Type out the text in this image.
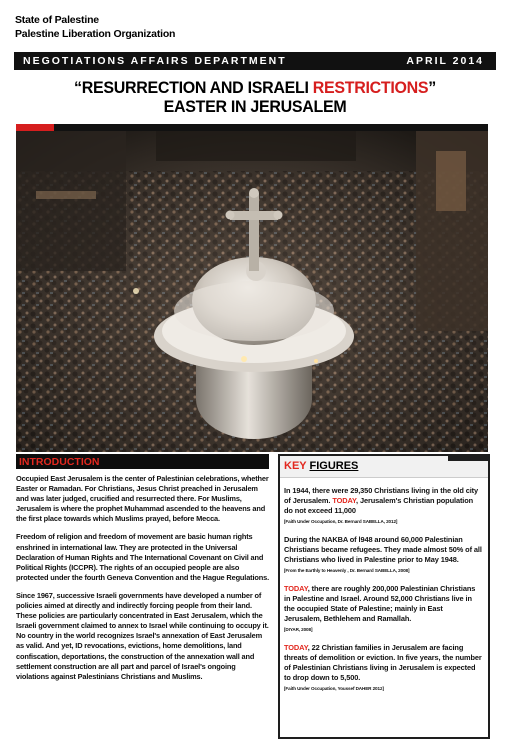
State of Palestine
Palestine Liberation Organization
NEGOTIATIONS AFFAIRS DEPARTMENT	APRIL 2014
“RESURRECTION AND ISRAELI RESTRICTIONS”
EASTER IN JERUSALEM
INTRODUCTION

Occupied East Jerusalem is the center of Palestinian celebrations, whether Easter or Ramadan. For Christians, Jesus Christ preached in Jerusalem and was later judged, crucified and resurrected there. For Muslims, Jerusalem is where the prophet Muhammad ascended to the heavens and the first place towards which Muslims prayed, before Mecca.

Freedom of religion and freedom of movement are basic human rights enshrined in international law. They are protected in the Universal Declaration of Human Rights and The International Covenant on Civil and Political Rights (ICCPR). The rights of an occupied people are also protected under the fourth Geneva Convention and the Hague Regulations.

Since 1967, successive Israeli governments have developed a number of policies aimed at directly and indirectly forcing people from their land. These policies are particularly concentrated in East Jerusalem, which the Israeli government claimed to annex to Israel while continuing to occupy it. No country in the world recognizes Israel's annexation of East Jerusalem as valid. And yet, ID revocations, evictions, home demolitions, land confiscation, deportations, the construction of the annexation wall and settlement construction are all part and parcel of Israel's ongoing violations against Palestinians Christians and Muslims.

KEY FIGURES
In 1944, there were 29,350 Christians living in the old city of Jerusalem. TODAY, Jerusalem's Christian population do not exceed 11,000
[Faith Under Occupation, Dr. Bernard SABELLA, 2012]
During the NAKBA of l948 around 60,000 Palestinian Christians became refugees. They made almost 50% of all Christians who lived in Palestine prior to May 1948.
[From the Earthly to Heavenly , Dr. Bernard SABELLA, 2008]
TODAY, there are roughly 200,000 Palestinian Christians in Palestine and Israel. Around 52,000 Christians live in the occupied State of Palestine; mainly in East Jerusalem, Bethlehem and Ramallah.
[DIYAR, 2008]
TODAY, 22 Christian families in Jerusalem are facing threats of demolition or eviction. In five years, the number of Palestinian Christians living in Jerusalem is expected to drop down to 5,500.
[Faith Under Occupation, Youssef DAHER 2012]
